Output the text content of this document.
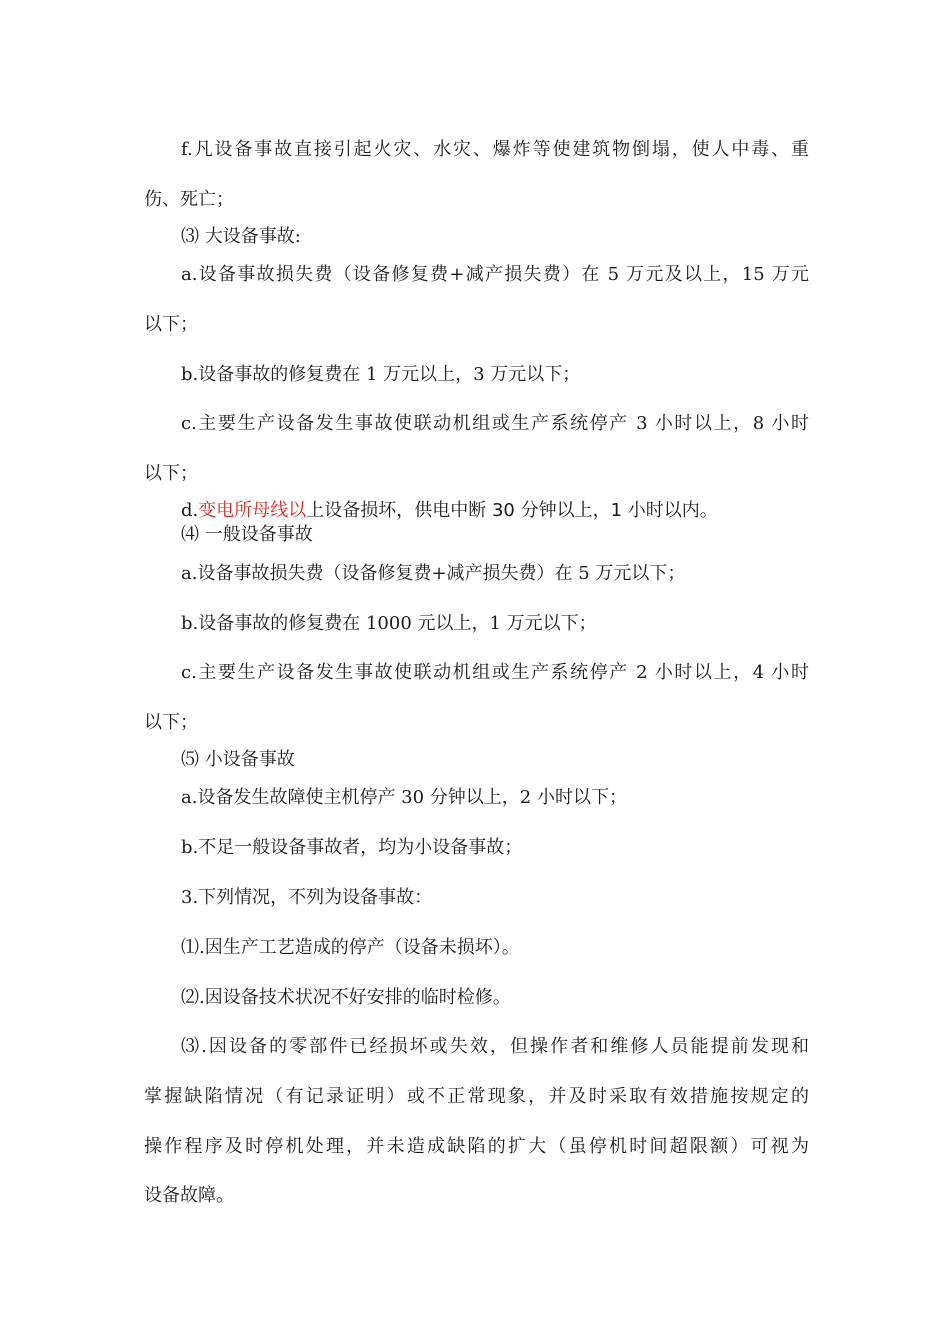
f.凡设备事故直接引起火灾、水灾、爆炸等使建筑物倒塌，使人中毒、重
伤、死亡；
⑶ 大设备事故:
a.设备事故损失费（设备修复费+减产损失费）在 5 万元及以上，15 万元
以下；
b.设备事故的修复费在 1 万元以上，3 万元以下；
c.主要生产设备发生事故使联动机组或生产系统停产 3 小时以上，8 小时
以下；
d.变电所母线以上设备损坏，供电中断 30 分钟以上，1 小时以内。
⑷ 一般设备事故
a.设备事故损失费（设备修复费+减产损失费）在 5 万元以下；
b.设备事故的修复费在 1000 元以上，1 万元以下；
c.主要生产设备发生事故使联动机组或生产系统停产 2 小时以上，4 小时
以下；
⑸ 小设备事故
a.设备发生故障使主机停产 30 分钟以上，2 小时以下；
b.不足一般设备事故者，均为小设备事故；
3.下列情况，不列为设备事故：
⑴.因生产工艺造成的停产（设备未损坏）。
⑵.因设备技术状况不好安排的临时检修。
⑶.因设备的零部件已经损坏或失效，但操作者和维修人员能提前发现和
掌握缺陷情况（有记录证明）或不正常现象，并及时采取有效措施按规定的
操作程序及时停机处理，并未造成缺陷的扩大（虽停机时间超限额）可视为
设备故障。
